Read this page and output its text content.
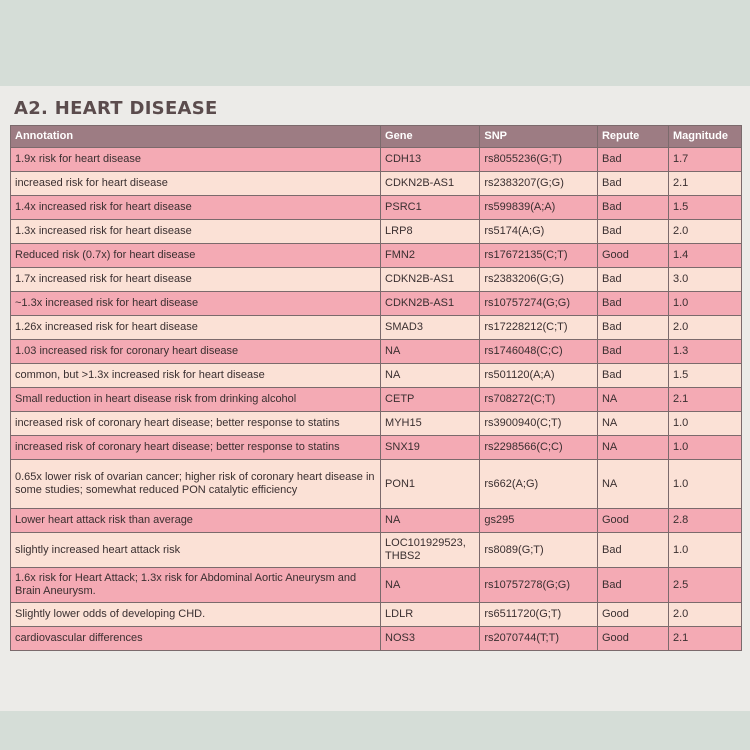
A2. HEART DISEASE
Annotation	Gene	SNP	Repute	Magnitude
1.9x risk for heart disease	CDH13	rs8055236(G;T)	Bad	1.7
increased risk for heart disease	CDKN2B-AS1	rs2383207(G;G)	Bad	2.1
1.4x increased risk for heart disease	PSRC1	rs599839(A;A)	Bad	1.5
1.3x increased risk for heart disease	LRP8	rs5174(A;G)	Bad	2.0
Reduced risk (0.7x) for heart disease	FMN2	rs17672135(C;T)	Good	1.4
1.7x increased risk for heart disease	CDKN2B-AS1	rs2383206(G;G)	Bad	3.0
~1.3x increased risk for heart disease	CDKN2B-AS1	rs10757274(G;G)	Bad	1.0
1.26x increased risk for heart disease	SMAD3	rs17228212(C;T)	Bad	2.0
1.03 increased risk for coronary heart disease	NA	rs1746048(C;C)	Bad	1.3
common, but >1.3x increased risk for heart disease	NA	rs501120(A;A)	Bad	1.5
Small reduction in heart disease risk from drinking alcohol	CETP	rs708272(C;T)	NA	2.1
increased risk of coronary heart disease; better response to statins	MYH15	rs3900940(C;T)	NA	1.0
increased risk of coronary heart disease; better response to statins	SNX19	rs2298566(C;C)	NA	1.0
0.65x lower risk of ovarian cancer; higher risk of coronary heart disease in some studies; somewhat reduced PON catalytic efficiency	PON1	rs662(A;G)	NA	1.0
Lower heart attack risk than average	NA	gs295	Good	2.8
slightly increased heart attack risk	LOC101929523, THBS2	rs8089(G;T)	Bad	1.0
1.6x risk for Heart Attack; 1.3x risk for Abdominal Aortic Aneurysm and Brain Aneurysm.	NA	rs10757278(G;G)	Bad	2.5
Slightly lower odds of developing CHD.	LDLR	rs6511720(G;T)	Good	2.0
cardiovascular differences	NOS3	rs2070744(T;T)	Good	2.1
